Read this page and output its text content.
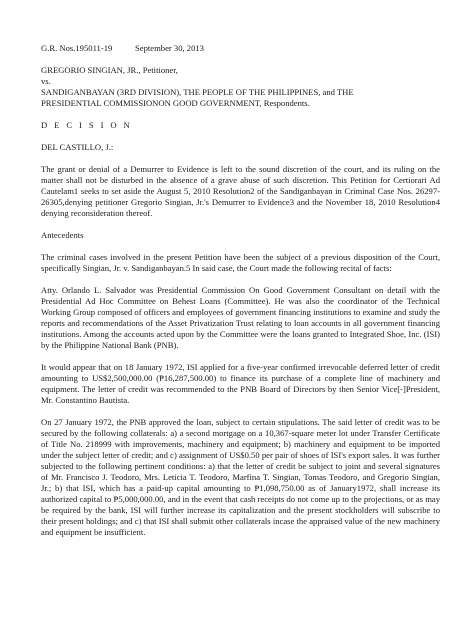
G.R. Nos.195011-19	September 30, 2013

GREGORIO SINGIAN, JR., Petitioner,

vs.

SANDIGANBAYAN (3RD DIVISION), THE PEOPLE OF THE PHILIPPINES, and THE

PRESIDENTIAL COMMISSIONON GOOD GOVERNMENT, Respondents.

D E C I S I O N

DEL CASTILLO, J.:

The grant or denial of a Demurrer to Evidence is left to the sound discretion of the court, and its ruling on the matter shall not be disturbed in the absence of a grave abuse of such discretion. This Petition for Certiorari Ad Cautelam1 seeks to set aside the August 5, 2010 Resolution2 of the Sandiganbayan in Criminal Case Nos. 26297-26305,denying petitioner Gregorio Singian, Jr.'s Demurrer to Evidence3 and the November 18, 2010 Resolution4 denying reconsideration thereof.

Antecedents

The criminal cases involved in the present Petition have been the subject of a previous disposition of the Court, specifically Singian, Jr. v. Sandiganbayan.5 In said case, the Court made the following recital of facts:

Atty. Orlando L. Salvador was Presidential Commission On Good Government Consultant on detail with the Presidential Ad Hoc Committee on Behest Loans (Committee). He was also the coordinator of the Technical Working Group composed of officers and employees of government financing institutions to examine and study the reports and recommendations of the Asset Privatization Trust relating to loan accounts in all government financing institutions. Among the accounts acted upon by the Committee were the loans granted to Integrated Shoe, Inc. (ISI) by the Philippine National Bank (PNB).

It would appear that on 18 January 1972, ISI applied for a five-year confirmed irrevocable deferred letter of credit amounting to US$2,500,000.00 (₱16,287,500.00) to finance its purchase of a complete line of machinery and equipment. The letter of credit was recommended to the PNB Board of Directors by then Senior Vice[-]President, Mr. Constantino Bautista.

On 27 January 1972, the PNB approved the loan, subject to certain stipulations. The said letter of credit was to be secured by the following collaterals: a) a second mortgage on a 10,367-square meter lot under Transfer Certificate of Title No. 218999 with improvements, machinery and equipment; b) machinery and equipment to be imported under the subject letter of credit; and c) assignment of US$0.50 per pair of shoes of ISI's export sales. It was further subjected to the following pertinent conditions: a) that the letter of credit be subject to joint and several signatures of Mr. Francisco J. Teodoro, Mrs. Leticia T. Teodoro, Marfina T. Singian, Tomas Teodoro, and Gregorio Singian, Jr.; b) that ISI, which has a paid-up capital amounting to ₱1,098,750.00 as of January1972, shall increase its authorized capital to ₱5,000,000.00, and in the event that cash receipts do not come up to the projections, or as may be required by the bank, ISI will further increase its capitalization and the present stockholders will subscribe to their present holdings; and c) that ISI shall submit other collaterals incase the appraised value of the new machinery and equipment be insufficient.
